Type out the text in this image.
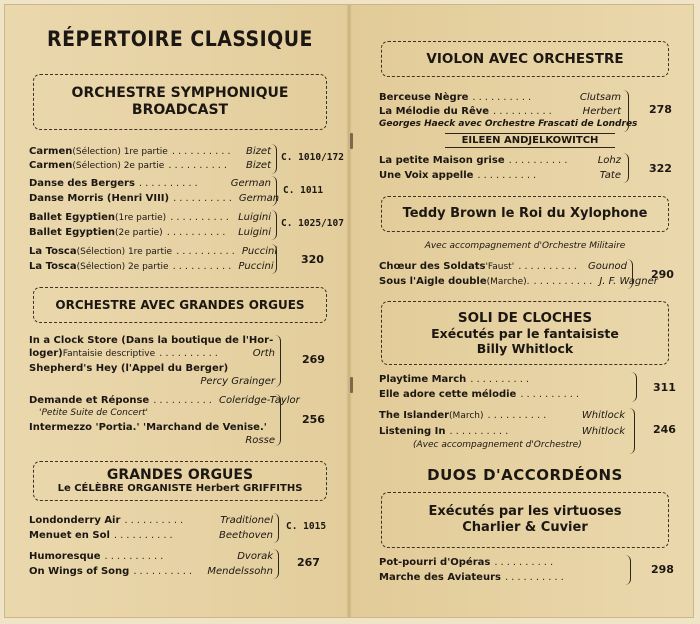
RÉPERTOIRE CLASSIQUE
ORCHESTRE SYMPHONIQUE
BROADCAST
Carmen (Sélection) 1re partie ..........	Bizet
Carmen (Sélection) 2e partie ..........	Bizet
C. 1010/172
Danse des Bergers ..........	German
Danse Morris (Henri VIII) .......... German
C. 1011
Ballet Egyptien (1re partie) .......... Luigini
Ballet Egyptien (2e partie) .......... Luigini
C. 1025/107
La Tosca (Sélection) 1re partie .......... Puccini
La Tosca (Sélection) 2e partie .......... Puccini
320
ORCHESTRE AVEC GRANDES ORGUES
In a Clock Store (Dans la boutique de l'Hor-
loger) Fantaisie descriptive ..........	Orth
Shepherd's Hey (l'Appel du Berger)
Percy Grainger
269
Demande et Réponse .......... Coleridge-Taylor
'Petite Suite de Concert'
Intermezzo 'Portia.' 'Marchand de Venise.'
Rosse
256
GRANDES ORGUES
Le CÉLÈBRE ORGANISTE Herbert GRIFFITHS
Londonderry Air ..........	Traditionel
Menuet en Sol ..........	Beethoven
C. 1015
Humoresque ..........	Dvorak
On Wings of Song ..........	Mendelssohn
267
VIOLON AVEC ORCHESTRE
Berceuse Nègre ..........	Clutsam
La Mélodie du Rêve ..........	Herbert
Georges Haeck avec Orchestre Frascati de Londres
278
EILEEN ANDJELKOWITCH
La petite Maison grise ..........	Lohz
Une Voix appelle ..........	Tate
322
Teddy Brown le Roi du Xylophone
Avec accompagnement d'Orchestre Militaire
Chœur des Soldats 'Faust' .......... Gounod
Sous l'Aigle double (Marche). .......... J. F. Wagner
290
SOLI DE CLOCHES
Exécutés par le fantaisiste
Billy Whitlock
Playtime March ..........
Elle adore cette mélodie ..........
311
The Islander (March) ..........	Whitlock
Listening In ..........	Whitlock
(Avec accompagnement d'Orchestre)
246
DUOS D'ACCORDÉONS
Exécutés par les virtuoses
Charlier & Cuvier
Pot-pourri d'Opéras ..........
Marche des Aviateurs ..........
298
